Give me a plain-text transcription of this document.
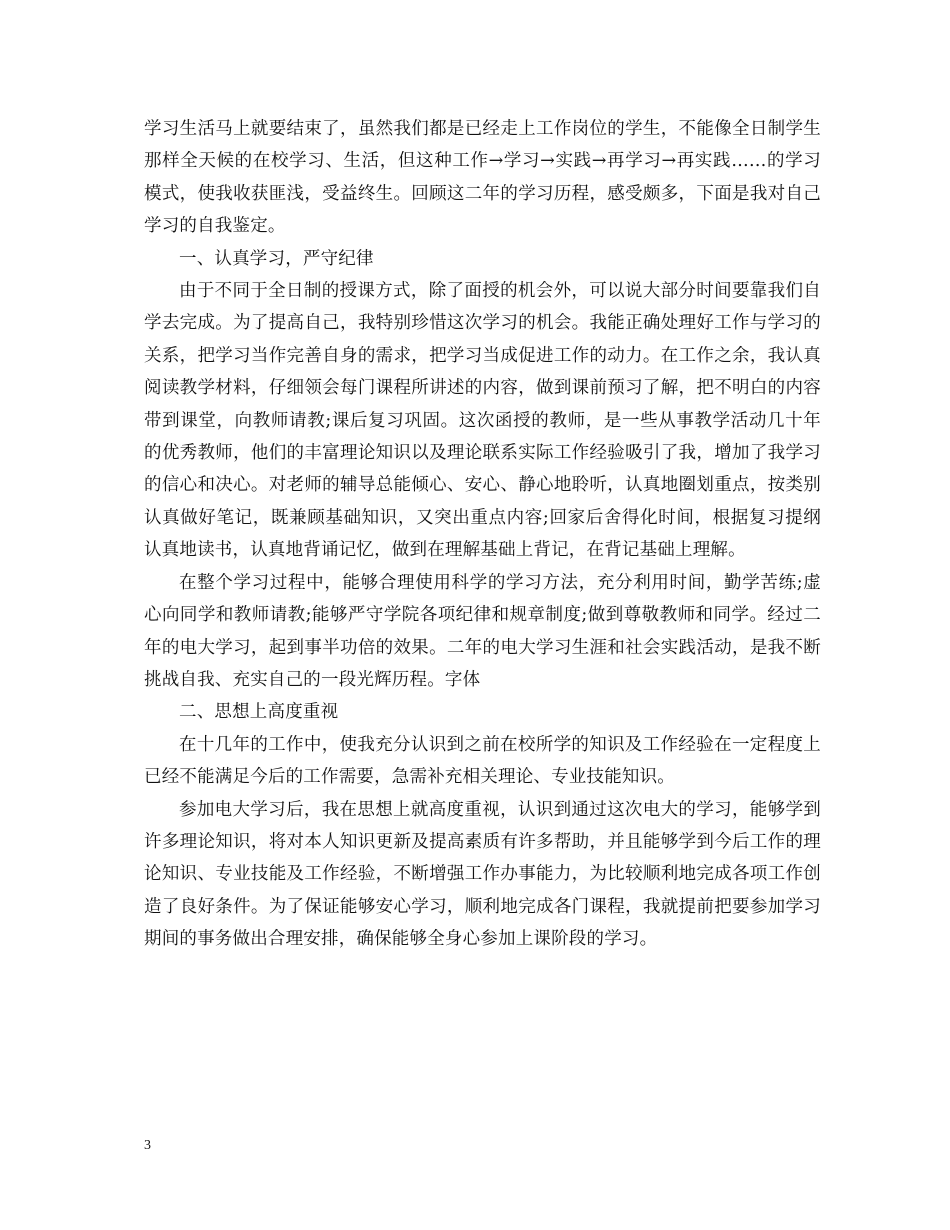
学习生活马上就要结束了，虽然我们都是已经走上工作岗位的学生，不能像全日制学生那样全天候的在校学习、生活，但这种工作→学习→实践→再学习→再实践……的学习模式，使我收获匪浅，受益终生。回顾这二年的学习历程，感受颇多，下面是我对自己学习的自我鉴定。

一、认真学习，严守纪律

由于不同于全日制的授课方式，除了面授的机会外，可以说大部分时间要靠我们自学去完成。为了提高自己，我特别珍惜这次学习的机会。我能正确处理好工作与学习的关系，把学习当作完善自身的需求，把学习当成促进工作的动力。在工作之余，我认真阅读教学材料，仔细领会每门课程所讲述的内容，做到课前预习了解，把不明白的内容带到课堂，向教师请教;课后复习巩固。这次函授的教师，是一些从事教学活动几十年的优秀教师，他们的丰富理论知识以及理论联系实际工作经验吸引了我，增加了我学习的信心和决心。对老师的辅导总能倾心、安心、静心地聆听，认真地圈划重点，按类别认真做好笔记，既兼顾基础知识，又突出重点内容;回家后舍得化时间，根据复习提纲认真地读书，认真地背诵记忆，做到在理解基础上背记，在背记基础上理解。

在整个学习过程中，能够合理使用科学的学习方法，充分利用时间，勤学苦练;虚心向同学和教师请教;能够严守学院各项纪律和规章制度;做到尊敬教师和同学。经过二年的电大学习，起到事半功倍的效果。二年的电大学习生涯和社会实践活动，是我不断挑战自我、充实自己的一段光辉历程。字体

二、思想上高度重视

在十几年的工作中，使我充分认识到之前在校所学的知识及工作经验在一定程度上已经不能满足今后的工作需要，急需补充相关理论、专业技能知识。

参加电大学习后，我在思想上就高度重视，认识到通过这次电大的学习，能够学到许多理论知识，将对本人知识更新及提高素质有许多帮助，并且能够学到今后工作的理论知识、专业技能及工作经验，不断增强工作办事能力，为比较顺利地完成各项工作创造了良好条件。为了保证能够安心学习，顺利地完成各门课程，我就提前把要参加学习期间的事务做出合理安排，确保能够全身心参加上课阶段的学习。

3
